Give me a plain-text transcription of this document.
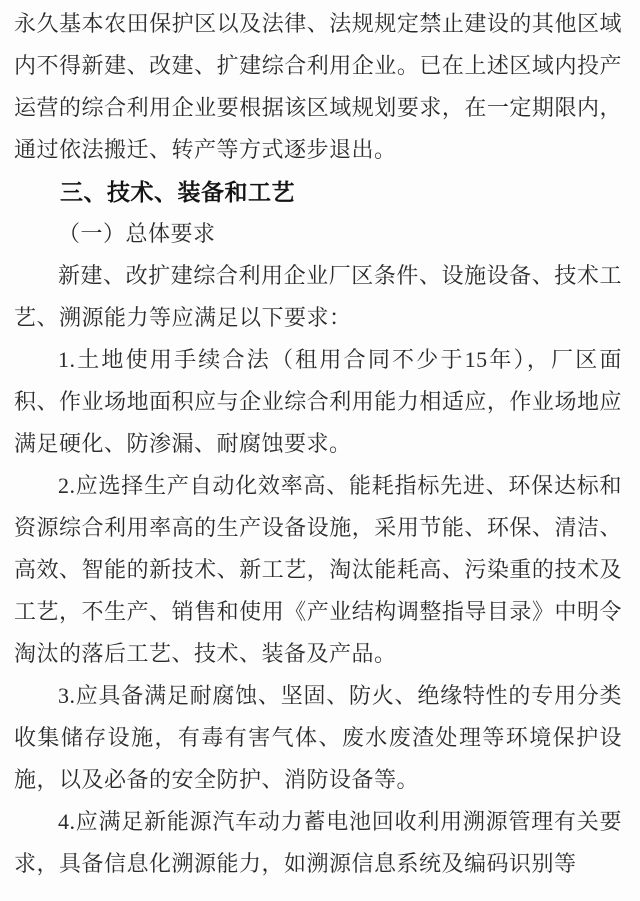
永久基本农田保护区以及法律、法规规定禁止建设的其他区域内不得新建、改建、扩建综合利用企业。已在上述区域内投产运营的综合利用企业要根据该区域规划要求，在一定期限内，通过依法搬迁、转产等方式逐步退出。

三、技术、装备和工艺

（一）总体要求

新建、改扩建综合利用企业厂区条件、设施设备、技术工艺、溯源能力等应满足以下要求：

1.土地使用手续合法（租用合同不少于15年），厂区面积、作业场地面积应与企业综合利用能力相适应，作业场地应满足硬化、防渗漏、耐腐蚀要求。

2.应选择生产自动化效率高、能耗指标先进、环保达标和资源综合利用率高的生产设备设施，采用节能、环保、清洁、高效、智能的新技术、新工艺，淘汰能耗高、污染重的技术及工艺，不生产、销售和使用《产业结构调整指导目录》中明令淘汰的落后工艺、技术、装备及产品。

3.应具备满足耐腐蚀、坚固、防火、绝缘特性的专用分类收集储存设施，有毒有害气体、废水废渣处理等环境保护设施，以及必备的安全防护、消防设备等。

4.应满足新能源汽车动力蓄电池回收利用溯源管理有关要求，具备信息化溯源能力，如溯源信息系统及编码识别等
